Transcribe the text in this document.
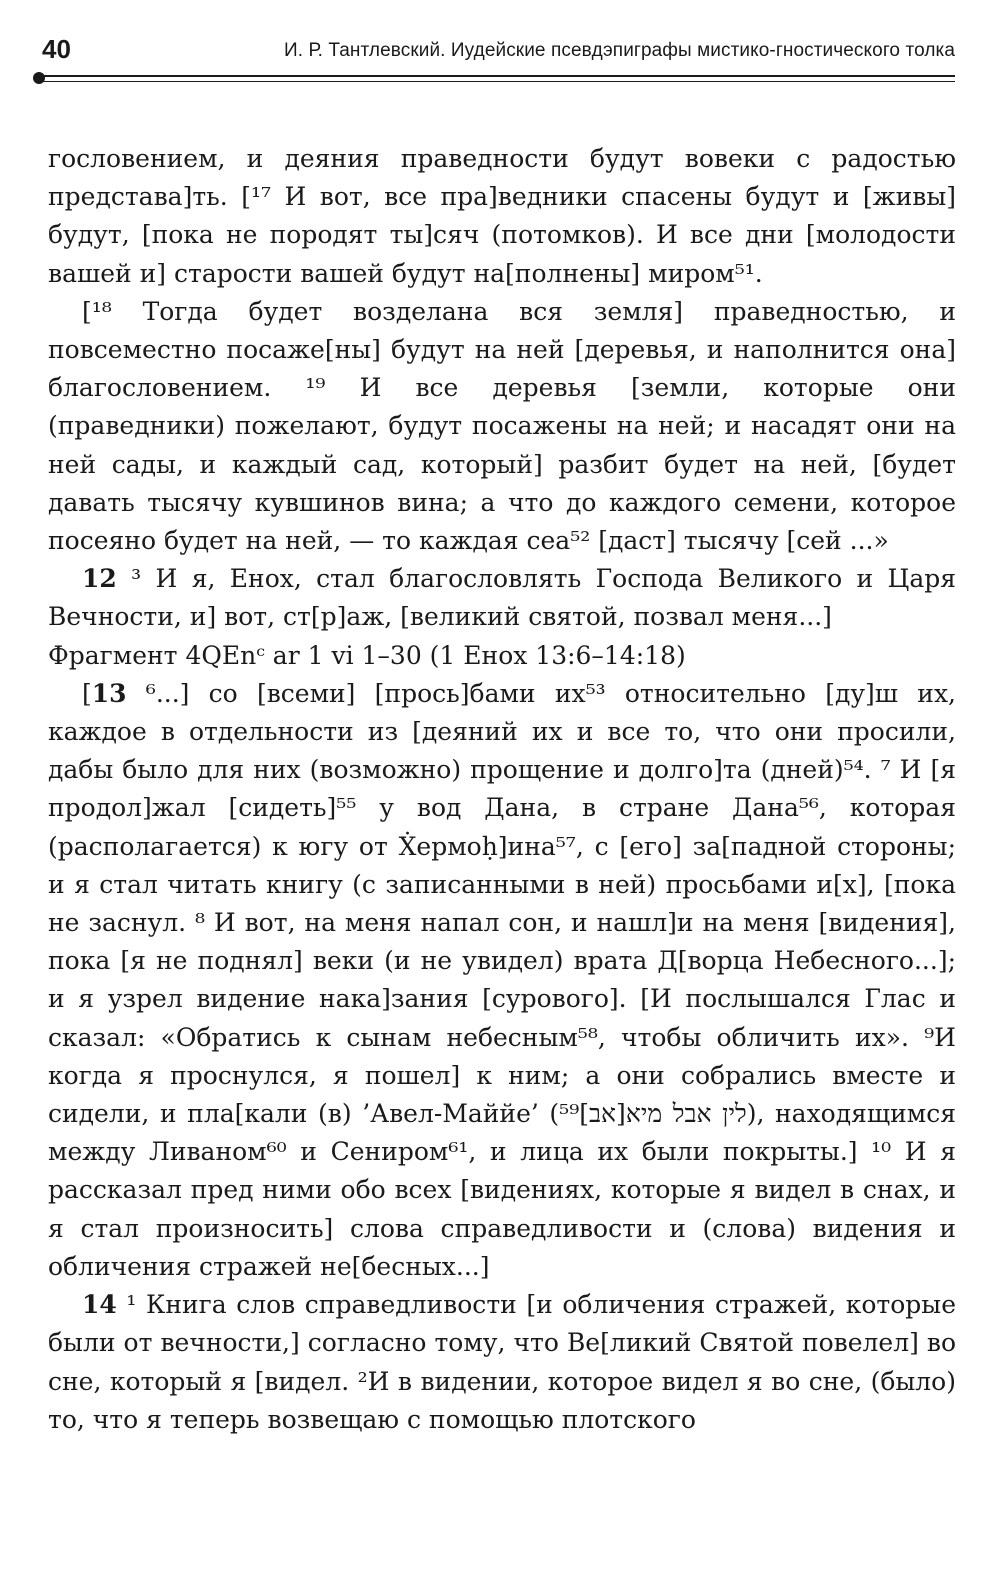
40	И. Р. Тантлевский. Иудейские псевдэпиграфы мистико-гностического толка

гословением, и деяния праведности будут вовеки с радостью представа]ть. [¹⁷ И вот, все пра]ведники спасены будут и [живы] будут, [пока не породят ты]сяч (потомков). И все дни [молодости вашей и] старости вашей будут на[полнены] миром⁵¹.

[¹⁸ Тогда будет возделана вся земля] праведностью, и повсеместно посаже[ны] будут на ней [деревья, и наполнится она] благословением. ¹⁹ И все деревья [земли, которые они (праведники) пожелают, будут посажены на ней; и насадят они на ней сады, и каждый сад, который] разбит будет на ней, [будет давать тысячу кувшинов вина; а что до каждого семени, которое посеяно будет на ней, — то каждая сеа⁵² [даст] тысячу [сей ...»

12 ³ И я, Енох, стал благословлять Господа Великого и Царя Вечности, и] вот, ст[р]аж, [великий святой, позвал меня...]

Фрагмент 4QEnᶜ ar 1 vi 1–30 (1 Енох 13:6–14:18)

[13 ⁶...] со [всеми] [прось]бами их⁵³ относительно [ду]ш их, каждое в отдельности из [деяний их и все то, что они просили, дабы было для них (возможно) прощение и долго]та (дней)⁵⁴. ⁷ И [я продол]жал [сидеть]⁵⁵ у вод Дана, в стране Дана⁵⁶, которая (располагается) к югу от Ẋермоḥ]ина⁵⁷, с [его] за[падной стороны; и я стал читать книгу (с записанными в ней) просьбами и[х], [пока не заснул. ⁸ И вот, на меня напал сон, и нашл]и на меня [видения], пока [я не поднял] веки (и не увидел) врата Д[ворца Небесного...]; и я узрел видение нака]зания [сурового]. [И послышался Глас и сказал: «Обратись к сынам небесным⁵⁸, чтобы обличить их». ⁹И когда я проснулся, я пошел] к ним; а они собрались вместе и сидели, и пла[кали (в) ’Авел-Маййе’ (⁵⁹[אב]לין אבל מיא), находящимся между Ливаном⁶⁰ и Сениром⁶¹, и лица их были покрыты.] ¹⁰ И я рассказал пред ними обо всех [видениях, которые я видел в снах, и я стал произносить] слова справедливости и (слова) видения и обличения стражей не[бесных...]

14 ¹ Книга слов справедливости [и обличения стражей, которые были от вечности,] согласно тому, что Ве[ликий Святой повелел] во сне, который я [видел. ²И в видении, которое видел я во сне, (было) то, что я теперь возвещаю с помощью плотского
